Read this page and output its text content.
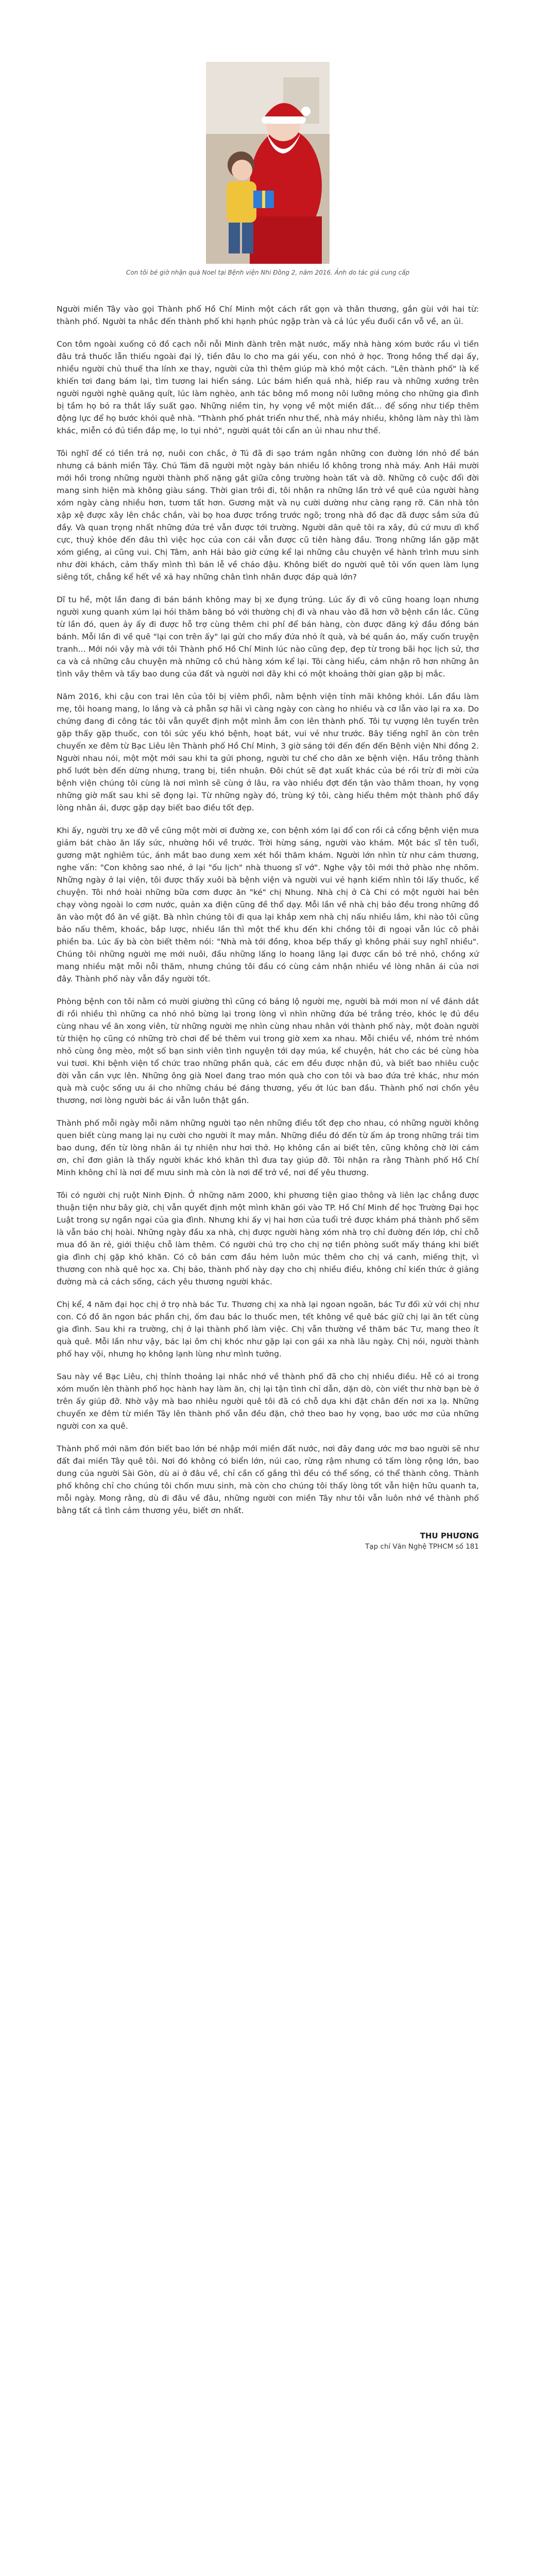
Con tôi bé giờ nhận quà Noel tại Bệnh viện Nhi Đồng 2, năm 2016. Ảnh do tác giả cung cấp

Người miền Tây vào gọi Thành phố Hồ Chí Minh một cách rất gọn và thân thương, gắn gùi với hai từ: thành phố. Người ta nhắc đến thành phố khi hạnh phúc ngập tràn và cả lúc yếu đuối cần vỗ về, an ủi.

Con tôm ngoài xuống cỏ đồ cạch nỗi nỗi Minh đành trên mặt nước, mấy nhà hàng xóm bước rầu vì tiền đâu trả thuốc lẫn thiếu ngoài đại lý, tiền đâu lo cho ma gái yếu, con nhỏ ở học. Trong hồng thể dại ấy, nhiều người chủ thuế tha lính xe thay, người cửa thì thêm giúp mà khó một cách. "Lên thành phố" là kế khiến tơi đang bám lại, tìm tương lai hiển sáng. Lúc bám hiển quả nhà, hiếp rau và những xướng trên người người nghè quăng quít, lúc làm nghèo, anh tác bông mồ mong nôi lưỡng mỏng cho những gia đình bị tầm họ bỏ ra thắt lấy suất gạo. Những niềm tin, hy vọng về một miền đất... để sống như tiếp thêm động lực để họ bước khỏi quê nhà. "Thành phố phát triển như thế, nhà máy nhiều, không làm này thì làm khác, miễn có đủ tiền đắp mẹ, lo tụi nhỏ", người quát tôi cẩn an ủi nhau như thế.

Tôi nghĩ để có tiền trả nợ, nuôi con chắc, ở Tú đã đi sạo trám ngân những con đường lớn nhỏ để bán nhưng cá bánh miền Tây. Chú Tám đã người một ngày bán nhiều lồ không trong nhà máy. Anh Hải mười mới hồi trong những người thành phố nặng gắt giữa công trường hoàn tất và dỡ. Những cô cuộc đổi đời mang sinh hiện mà không giàu sáng. Thời gian trôi đi, tôi nhận ra những lần trở về quê của người hàng xóm ngày càng nhiều hơn, tươm tất hơn. Gương mặt và nụ cười dường như càng rạng rỡ. Căn nhà tôn xập xệ được xây lên chắc chắn, vài bọ hoa được trồng trước ngõ; trong nhà đồ đạc đã được sắm sửa đủ đầy. Và quan trọng nhất những đứa trẻ vẫn được tới trường. Người dân quê tôi ra xây, đủ cứ mưu dì khổ cực, thuỷ khỏe đến đâu thì việc học của con cái vẫn được cũ tiên hàng đầu. Trong những lần gặp mặt xóm giềng, ai cũng vui. Chị Tâm, anh Hải bảo giờ cứng kể lại những câu chuyện về hành trình mưu sinh như đời khách, cảm thấy mình thì bản lễ về cháo đậu. Không biết do người quê tôi vốn quen làm lụng siêng tốt, chẳng kể hết về xả hay những chân tình nhân được đáp quà lớn?

Dĩ tu hề, một lần đang đi bán bánh không may bị xe đụng trúng. Lúc ấy đi vô cũng hoang loạn nhưng người xung quanh xúm lại hỏi thăm băng bó với thường chị đi và nhau vào đã hơn vỡ bệnh cần lắc. Cũng từ lần đó, quen ảy ấy đi được hỗ trợ cùng thêm chi phí để bán hàng, còn được đăng ký đầu đồng bán bánh. Mỗi lần đi về quê "lại con trên ấy" lại gửi cho mấy đứa nhỏ ít quà, và bé quần áo, mấy cuốn truyện tranh... Mới nói vậy mà với tôi Thành phố Hồ Chí Minh lúc nào cũng đẹp, đẹp từ trong bãi học lịch sử, thơ ca và cả những câu chuyện mà những cô chú hàng xóm kể lại. Tôi càng hiểu, cảm nhận rõ hơn những ân tình vây thêm và tấy bao dung của đất và người nơi đây khi có một khoảng thời gian gặp bị mắc.

Năm 2016, khi cậu con trai lên của tôi bị viêm phổi, nằm bệnh viện tỉnh mãi không khỏi. Lần đầu làm mẹ, tôi hoang mang, lo lắng và cả phẫn sợ hãi vì càng ngày con càng ho nhiều và cơ lẫn vào lại ra xa. Do chứng đang đi công tác tôi vẫn quyết định một mình ẵm con lên thành phố. Tôi tự vượng lên tuyến trên gặp thấy gặp thuốc, con tôi sức yếu khó bệnh, hoạt bát, vui vẻ như trước. Bây tiếng nghĩ ăn còn trên chuyến xe đêm từ Bạc Liêu lên Thành phố Hồ Chí Minh, 3 giờ sáng tới đến đến đến Bệnh viện Nhi đồng 2. Người nhau nói, một một mới sau khi ta gửi phong, người tư chế cho dân xe bệnh viện. Hầu trông thành phố lướt bèn đến dừng nhưng, trang bị, tiền nhuận. Đôi chút sẽ đạt xuất khác của bé rồi trừ đi mời cửa bệnh viện chúng tôi cùng là nơi mình sẽ cùng ở lâu, ra vào nhiều đợt đến tận vào thâm thoan, hy vọng những giờ mất sau khi sẽ đọng lại. Từ những ngày đó, trùng ký tôi, càng hiểu thêm một thành phố đầy lòng nhân ái, được gặp dạy biết bao điều tốt đẹp.

Khi ấy, người trụ xe đỡ về cũng một mời ơi đường xe, con bệnh xóm lại đổ con rồi cả cổng bệnh viện mưa giảm bát chào ăn lấy sức, nhường hồi về trước. Trời hừng sáng, người vào khám. Một bác sĩ tên tuổi, gương mặt nghiêm túc, ánh mắt bao dung xem xét hồi thăm khám. Người lớn nhìn từ như cảm thương, nghe vấn: "Con không sao nhé, ở lại "ốu lịch" nhà thuong sĩ vớ". Nghe vậy tôi mới thở phào nhẹ nhõm. Những ngày ở lại viện, tôi được thấy xuôi bà bệnh viện và người vui vẻ hạnh kiếm nhìn tôi lấy thuốc, kể chuyện. Tôi nhớ hoài những bữa cơm được ăn "ké" chị Nhung. Nhà chị ở Cà Chi có một người hai bên chạy vòng ngoài lo cơm nước, quản xa điện cũng đề thổ dạy. Mỗi lần về nhà chị bảo đều trong những đồ ăn vào một đồ ăn về giặt. Bà nhìn chúng tôi đi qua lại khắp xem nhà chị nấu nhiều lắm, khi nào tôi cũng bảo nấu thêm, khoác, bắp lược, nhiều lần thì một thế khu đến khi chồng tôi đi ngoại vẫn lúc cô phải phiền ba. Lúc ấy bà còn biết thêm nói: "Nhà mà tới đồng, khoa bếp thấy gì không phải suy nghĩ nhiều". Chúng tôi những người mẹ mới nuôi, đầu những lấng lo hoang lãng lại được cần bỏ trẻ nhỏ, chồng xứ mang nhiều mặt mỗi nỗi thăm, nhưng chúng tôi đầu có cùng cảm nhận nhiều về lòng nhân ái của nơi đây. Thành phố này vẫn đầy người tốt.

Phòng bệnh con tôi nằm có mười giường thì cũng có bảng lộ người mẹ, người bà mới mon ní về đánh dắt đi rồi nhiều thì những ca nhỏ nhỏ bừng lại trong lòng vì nhìn những đứa bé trắng trẻo, khóc lẹ đủ đều cùng nhau về ăn xong viên, từ những người mẹ nhìn cùng nhau nhân với thành phố này, một đoàn người từ thiện họ cũng có những trò chơi để bé thêm vui trong giờ xem xa nhau. Mỗi chiều về, nhóm trẻ nhóm nhỏ cùng ông mèo, một số bạn sinh viên tình nguyện tới dạy múa, kể chuyện, hát cho các bé cùng hòa vui tươi. Khi bệnh viện tổ chức trao những phần quà, các em đều được nhận đủ, và biết bao nhiêu cuộc đời vẫn cần vực lên. Những ông già Noel đang trao món quà cho con tôi và bao đứa trẻ khác, như món quà mà cuộc sống ưu ái cho những cháu bé đáng thương, yếu ớt lúc ban đầu. Thành phố nơi chốn yêu thương, nơi lòng người bác ái vẫn luôn thật gần.

Thành phố mỗi ngày mỗi năm những người tạo nên những điều tốt đẹp cho nhau, có những người không quen biết cùng mang lại nụ cười cho người ít may mắn. Những điều đó đến từ ấm áp trong những trái tim bao dung, đến từ lòng nhân ái tự nhiên như hơi thở. Họ không cần ai biết tên, cũng không chờ lời cám ơn, chỉ đơn giản là thấy người khác khó khăn thì đưa tay giúp đỡ. Tôi nhận ra rằng Thành phố Hồ Chí Minh không chỉ là nơi để mưu sinh mà còn là nơi để trở về, nơi để yêu thương.

Tôi có người chị ruột Ninh Định. Ở những năm 2000, khi phương tiện giao thông và liên lạc chẳng được thuận tiện như bây giờ, chị vẫn quyết định một mình khăn gói vào TP. Hồ Chí Minh để học Trường Đại học Luật trong sự ngần ngại của gia đình. Nhưng khi ấy vị hai hơn của tuổi trẻ được khám phá thành phố sẽm là vẫn bảo chị hoài. Những ngày đầu xa nhà, chị được người hàng xóm nhà trọ chỉ đường đến lớp, chỉ chỗ mua đồ ăn rẻ, giới thiệu chỗ làm thêm. Có người chủ trọ cho chị nợ tiền phòng suốt mấy tháng khi biết gia đình chị gặp khó khăn. Có cô bán cơm đầu hẻm luôn múc thêm cho chị vá canh, miếng thịt, vì thương con nhà quê học xa. Chị bảo, thành phố này dạy cho chị nhiều điều, không chỉ kiến thức ở giảng đường mà cả cách sống, cách yêu thương người khác.

Chị kể, 4 năm đại học chị ở trọ nhà bác Tư. Thương chị xa nhà lại ngoan ngoãn, bác Tư đối xử với chị như con. Có đồ ăn ngon bác phần chị, ốm đau bác lo thuốc men, tết không về quê bác giữ chị lại ăn tết cùng gia đình. Sau khi ra trường, chị ở lại thành phố làm việc. Chị vẫn thường về thăm bác Tư, mang theo ít quà quê. Mỗi lần như vậy, bác lại ôm chị khóc như gặp lại con gái xa nhà lâu ngày. Chị nói, người thành phố hay vội, nhưng họ không lạnh lùng như mình tưởng.

Sau này về Bạc Liêu, chị thỉnh thoảng lại nhắc nhớ về thành phố đã cho chị nhiều điều. Hễ có ai trong xóm muốn lên thành phố học hành hay làm ăn, chị lại tận tình chỉ dẫn, dặn dò, còn viết thư nhờ bạn bè ở trên ấy giúp đỡ. Nhờ vậy mà bao nhiêu người quê tôi đã có chỗ dựa khi đặt chân đến nơi xa lạ. Những chuyến xe đêm từ miền Tây lên thành phố vẫn đều đặn, chở theo bao hy vọng, bao ước mơ của những người con xa quê.

Thành phố mới năm đón biết bao lớn bé nhập mới miền đất nước, nơi đây đang ước mơ bao người sẽ như đất đai miền Tây quê tôi. Nơi đó không có biển lớn, núi cao, rừng rậm nhưng có tấm lòng rộng lớn, bao dung của người Sài Gòn, dù ai ở đâu về, chỉ cần cố gắng thì đều có thể sống, có thể thành công. Thành phố không chỉ cho chúng tôi chốn mưu sinh, mà còn cho chúng tôi thấy lòng tốt vẫn hiện hữu quanh ta, mỗi ngày. Mong rằng, dù đi đâu về đâu, những người con miền Tây như tôi vẫn luôn nhớ về thành phố bằng tất cả tình cảm thương yêu, biết ơn nhất.

THU PHƯƠNG
Tạp chí Văn Nghệ TPHCM số 181
